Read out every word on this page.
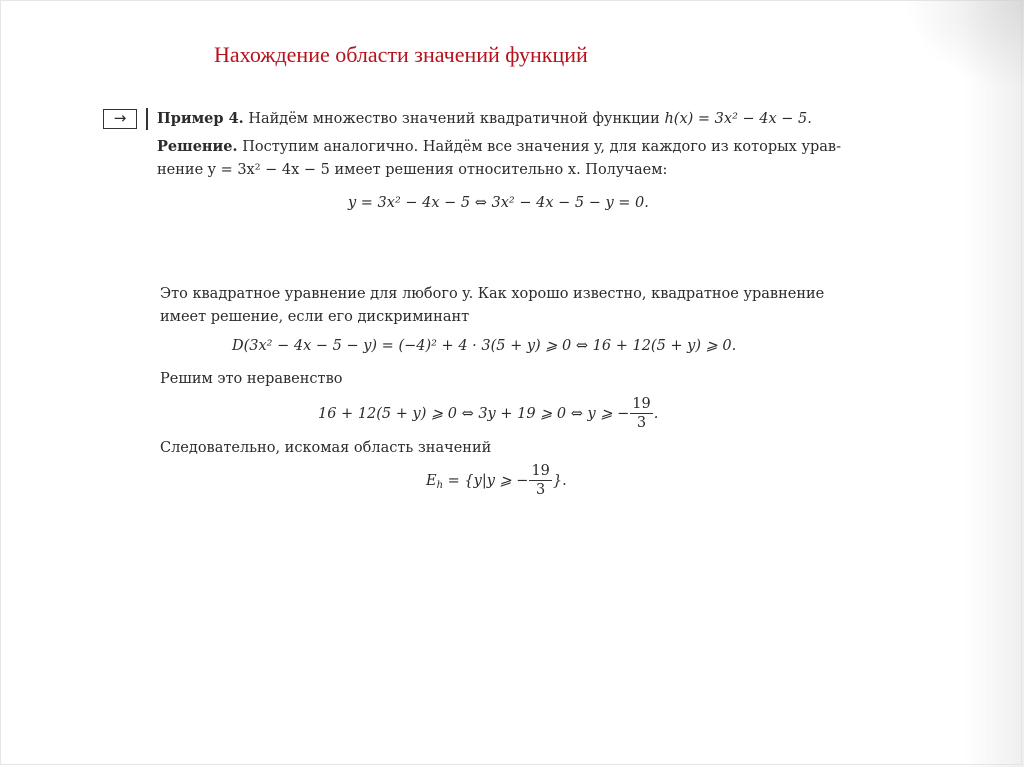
Нахождение области значений функций
→	Пример 4. Найдём множество значений квадратичной функции h(x) = 3x² − 4x − 5.
Решение. Поступим аналогично. Найдём все значения y, для каждого из которых урав-
нение y = 3x² − 4x − 5 имеет решения относительно x. Получаем:
y = 3x² − 4x − 5 ⇔ 3x² − 4x − 5 − y = 0.
Это квадратное уравнение для любого y. Как хорошо известно, квадратное уравнение
имеет решение, если его дискриминант
D(3x² − 4x − 5 − y) = (−4)² + 4 · 3(5 + y) ⩾ 0 ⇔ 16 + 12(5 + y) ⩾ 0.
Решим это неравенство
16 + 12(5 + y) ⩾ 0 ⇔ 3y + 19 ⩾ 0 ⇔ y ⩾ − $\frac{19}{3}$ .
Следовательно, искомая область значений
$E_h = \{y|y$ ⩾ − $\frac{19}{3}$ }.
